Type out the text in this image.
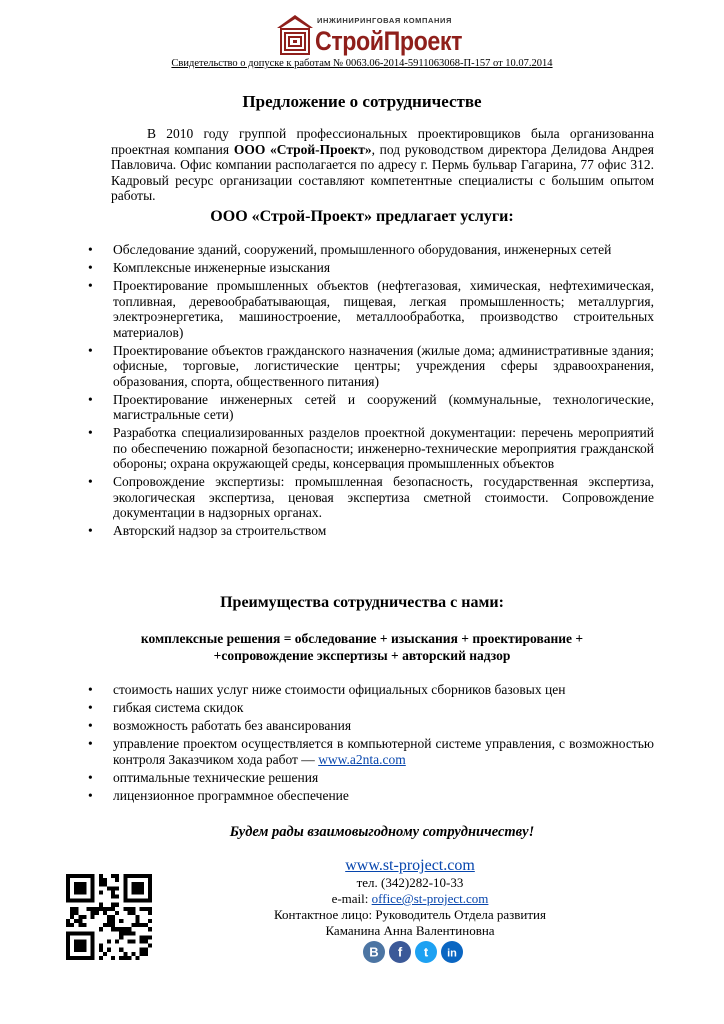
ИНЖИНИРИНГОВАЯ КОМПАНИЯ
СтройПроект
Свидетельство о допуске к работам № 0063.06-2014-5911063068-П-157 от 10.07.2014
Предложение о сотрудничестве

В 2010 году группой профессиональных проектировщиков была организованна проектная компания ООО «Строй-Проект», под руководством директора Делидова Андрея Павловича. Офис компании располагается по адресу г. Пермь бульвар Гагарина, 77 офис 312. Кадровый ресурс организации составляют компетентные специалисты с большим опытом работы.

ООО «Строй-Проект» предлагает услуги:
• Обследование зданий, сооружений, промышленного оборудования, инженерных сетей
• Комплексные инженерные изыскания
• Проектирование промышленных объектов (нефтегазовая, химическая, нефтехимическая, топливная, деревообрабатывающая, пищевая, легкая промышленность; металлургия, электроэнергетика, машиностроение, металлообработка, производство строительных материалов)
• Проектирование объектов гражданского назначения (жилые дома; административные здания; офисные, торговые, логистические центры; учреждения сферы здравоохранения, образования, спорта, общественного питания)
• Проектирование инженерных сетей и сооружений (коммунальные, технологические, магистральные сети)
• Разработка специализированных разделов проектной документации: перечень мероприятий по обеспечению пожарной безопасности; инженерно-технические мероприятия гражданской обороны; охрана окружающей среды, консервация промышленных объектов
• Сопровождение экспертизы: промышленная безопасность, государственная экспертиза, экологическая экспертиза, ценовая экспертиза сметной стоимости. Сопровождение документации в надзорных органах.
• Авторский надзор за строительством
Преимущества сотрудничества с нами:
комплексные решения = обследование + изыскания + проектирование +
+сопровождение экспертизы + авторский надзор
• стоимость наших услуг ниже стоимости официальных сборников базовых цен
• гибкая система скидок
• возможность работать без авансирования
• управление проектом осуществляется в компьютерной системе управления, с возможностью контроля Заказчиком хода работ — www.a2nta.com
• оптимальные технические решения
• лицензионное программное обеспечение
Будем рады взаимовыгодному сотрудничеству!
www.st-project.com
тел. (342)282-10-33
e-mail: office@st-project.com
Контактное лицо: Руководитель Отдела развития
Каманина Анна Валентиновна
B f t in
